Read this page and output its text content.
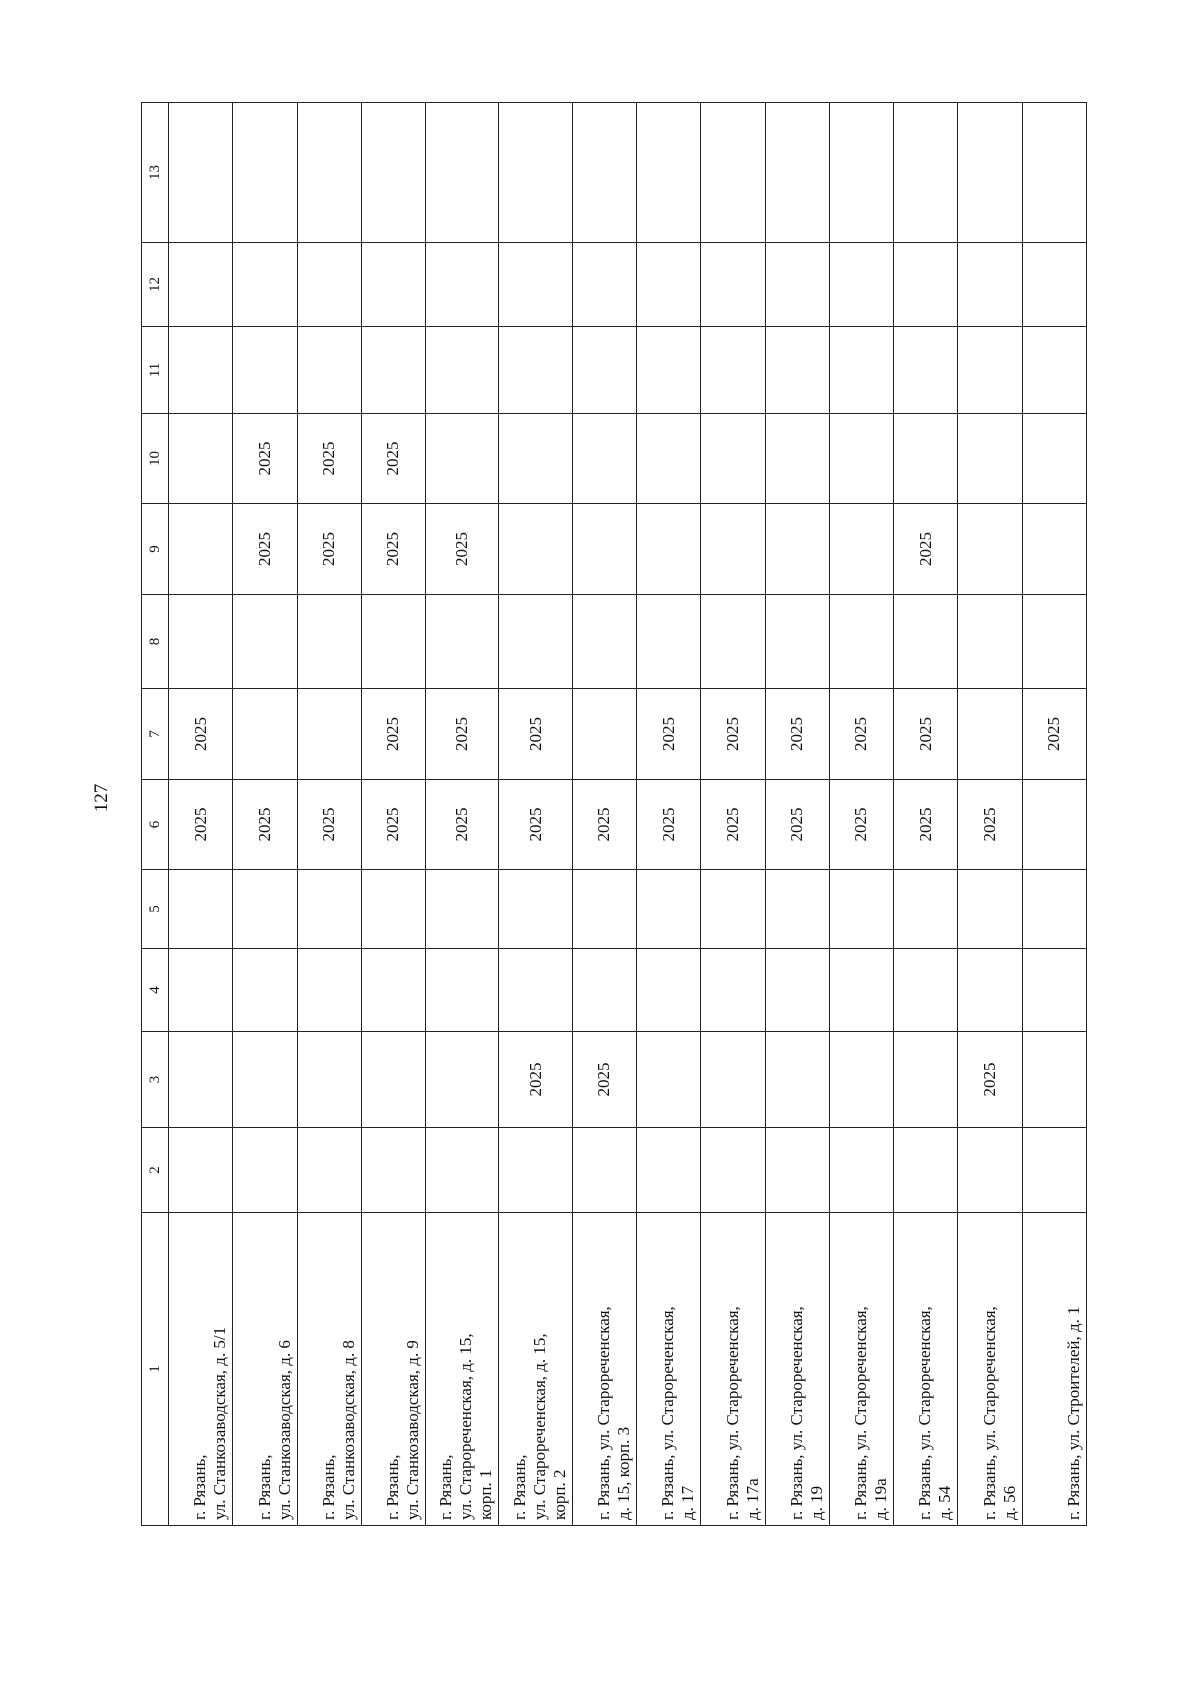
127
1	2	3	4	5	6	7	8	9	10	11	12	13
г. Рязань,
ул. Станкозаводская, д. 5/1					2025	2025						
г. Рязань,
ул. Станкозаводская, д. 6					2025			2025	2025			
г. Рязань,
ул. Станкозаводская, д. 8					2025			2025	2025			
г. Рязань,
ул. Станкозаводская, д. 9					2025	2025		2025	2025			
г. Рязань,
ул. Старореченская, д. 15,
корп. 1					2025	2025		2025				
г. Рязань,
ул. Старореченская, д. 15,
корп. 2		2025			2025	2025						
г. Рязань, ул. Старореченская,
д. 15, корп. 3		2025			2025							
г. Рязань, ул. Старореченская,
д. 17					2025	2025						
г. Рязань, ул. Старореченская,
д. 17а					2025	2025						
г. Рязань, ул. Старореченская,
д. 19					2025	2025						
г. Рязань, ул. Старореченская,
д. 19а					2025	2025						
г. Рязань, ул. Старореченская,
д. 54					2025	2025		2025				
г. Рязань, ул. Старореченская,
д. 56		2025			2025							
г. Рязань, ул. Строителей, д. 1						2025						
